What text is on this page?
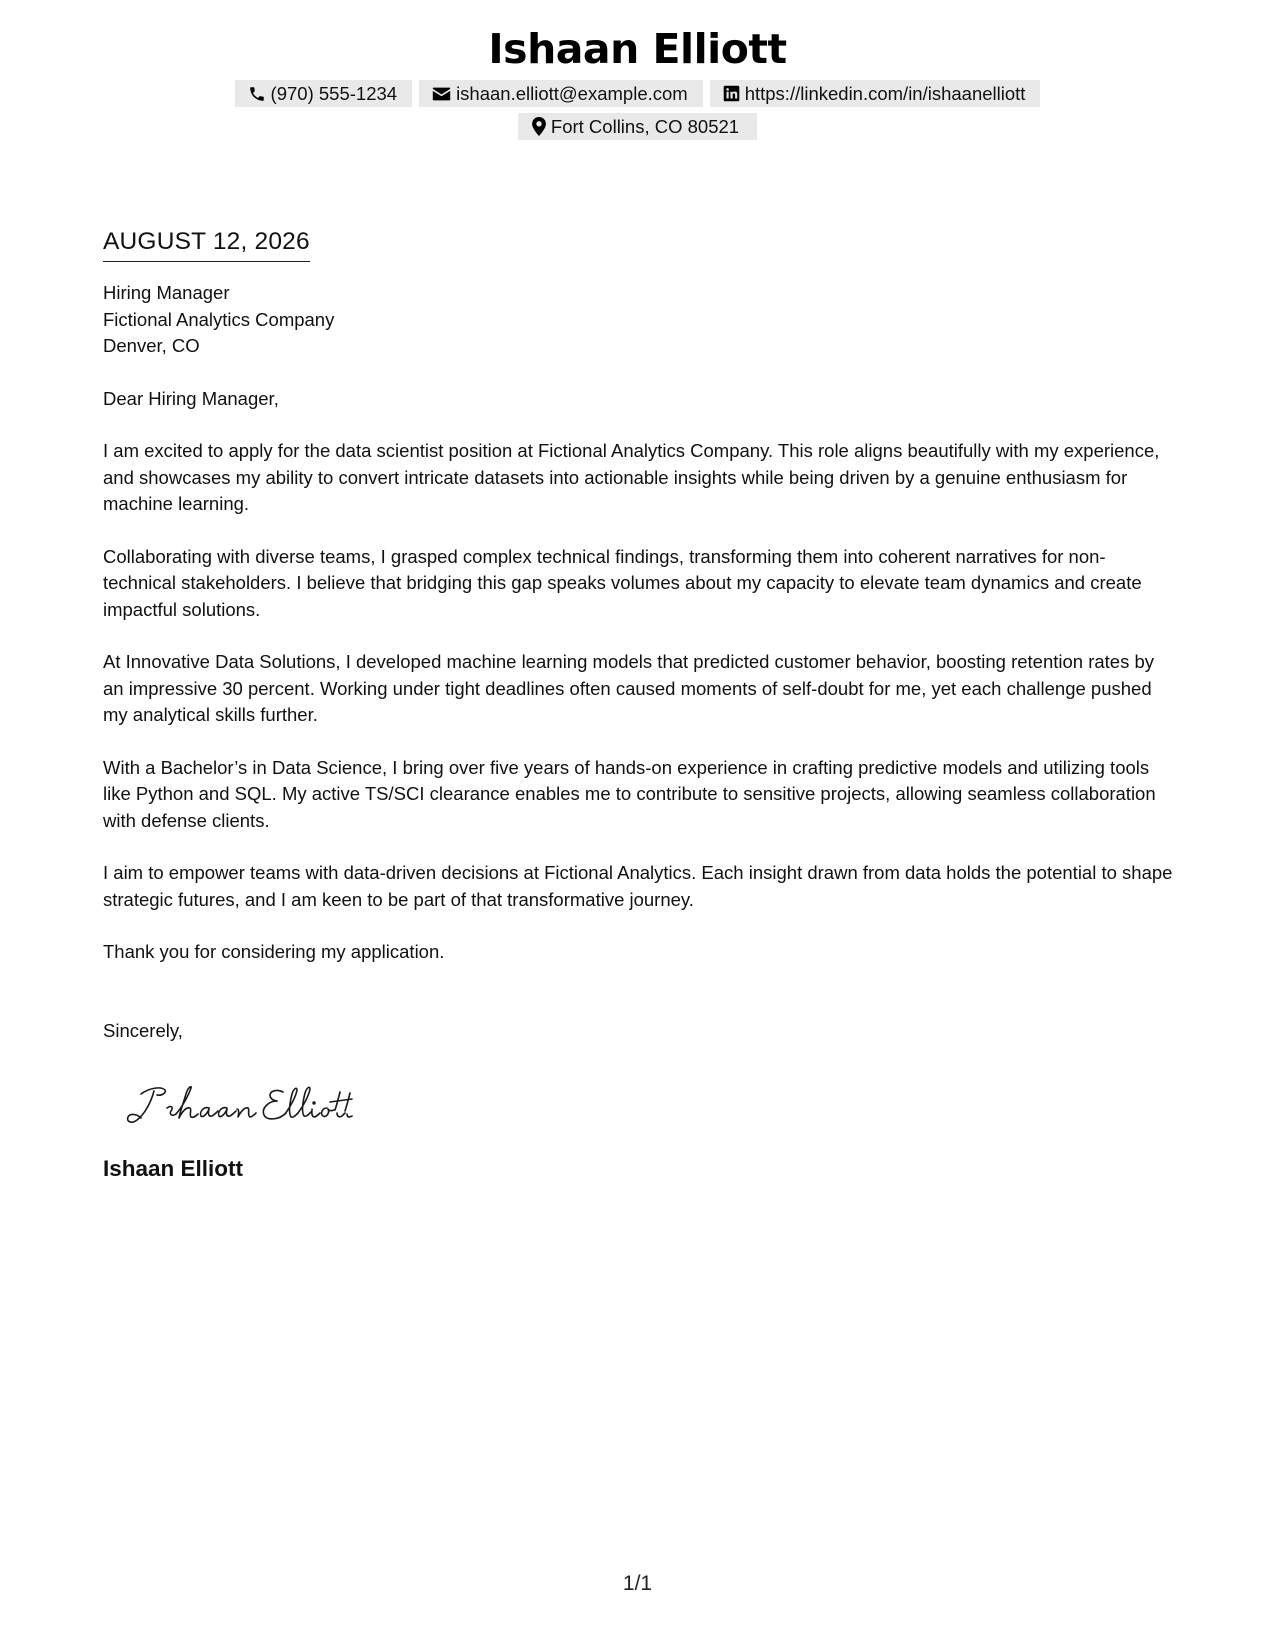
Ishaan Elliott
(970) 555-1234	ishaan.elliott@example.com	https://linkedin.com/in/ishaanelliott
Fort Collins, CO 80521
AUGUST 12, 2026
Hiring Manager
Fictional Analytics Company
Denver, CO
Dear Hiring Manager,

I am excited to apply for the data scientist position at Fictional Analytics Company. This role aligns beautifully with my experience, and showcases my ability to convert intricate datasets into actionable insights while being driven by a genuine enthusiasm for machine learning.

Collaborating with diverse teams, I grasped complex technical findings, transforming them into coherent narratives for non-technical stakeholders. I believe that bridging this gap speaks volumes about my capacity to elevate team dynamics and create impactful solutions.

At Innovative Data Solutions, I developed machine learning models that predicted customer behavior, boosting retention rates by an impressive 30 percent. Working under tight deadlines often caused moments of self-doubt for me, yet each challenge pushed my analytical skills further.

With a Bachelor’s in Data Science, I bring over five years of hands-on experience in crafting predictive models and utilizing tools like Python and SQL. My active TS/SCI clearance enables me to contribute to sensitive projects, allowing seamless collaboration with defense clients.

I aim to empower teams with data-driven decisions at Fictional Analytics. Each insight drawn from data holds the potential to shape strategic futures, and I am keen to be part of that transformative journey.

Thank you for considering my application.

Sincerely,
Ishaan Elliott
1/1
